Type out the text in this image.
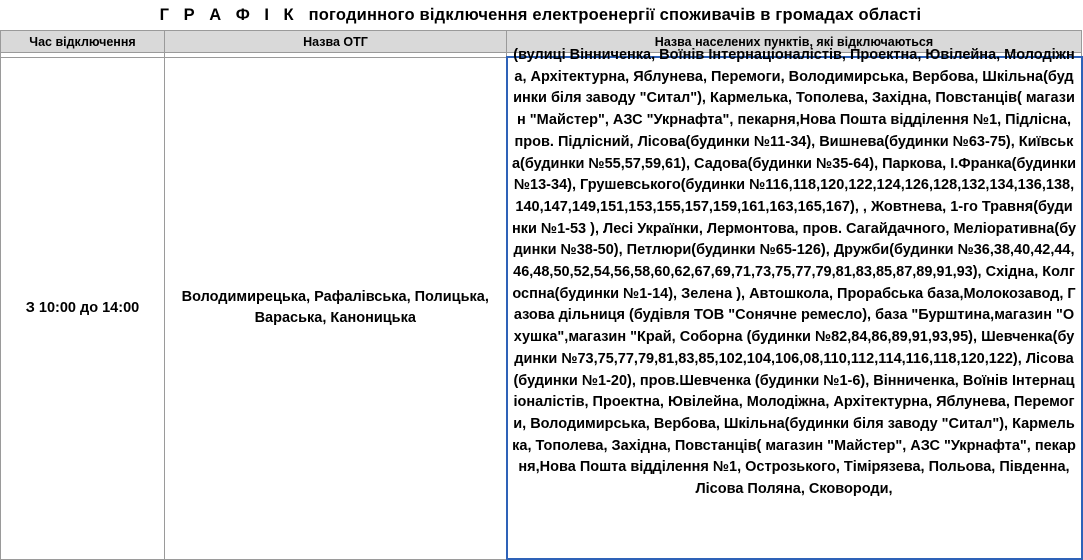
Г Р А Ф І К погодинного відключення електроенергії споживачів в громадах області
Час відключення	Назва ОТГ	Назва населених пунктів, які відключаються

З 10:00 до 14:00	Володимирецька, Рафалівська, Полицька, Вараська, Каноницька	(вулиці Вінниченка, Воїнів Інтернаціоналістів, Проектна, Ювілейна, Молодіжна, Архітектурна, Яблунева, Перемоги, Володимирська, Вербова, Шкільна(будинки біля заводу "Ситал"), Кармелька, Тополева, Західна, Повстанців( магазин "Майстер", АЗС "Укрнафта", пекарня,Нова Пошта відділення №1, Підлісна, пров. Підлісний, Лісова(будинки №11-34), Вишнева(будинки №63-75), Київська(будинки №55,57,59,61), Садова(будинки №35-64), Паркова, І.Франка(будинки №13-34), Грушевського(будинки №116,118,120,122,124,126,128,132,134,136,138,140,147,149,151,153,155,157,159,161,163,165,167), , Жовтнева, 1-го Травня(будинки №1-53 ), Лесі Українки, Лермонтова, пров. Сагайдачного, Меліоративна(будинки №38-50), Петлюри(будинки №65-126), Дружби(будинки №36,38,40,42,44,46,48,50,52,54,56,58,60,62,67,69,71,73,75,77,79,81,83,85,87,89,91,93), Східна, Колгоспна(будинки №1-14), Зелена ), Автошкола, Прорабська база,Молокозавод, Газова дільниця (будівля ТОВ "Сонячне ремесло), база "Бурштина,магазин "Охушка",магазин "Край, Соборна (будинки №82,84,86,89,91,93,95), Шевченка(будинки №73,75,77,79,81,83,85,102,104,106,08,110,112,114,116,118,120,122), Лісова (будинки №1-20), пров.Шевченка (будинки №1-6), Вінниченка, Воїнів Інтернаціоналістів, Проектна, Ювілейна, Молодіжна, Архітектурна, Яблунева, Перемоги, Володимирська, Вербова, Шкільна(будинки біля заводу "Ситал"), Кармелька, Тополева, Західна, Повстанців( магазин "Майстер", АЗС "Укрнафта", пекарня,Нова Пошта відділення №1, Острозького, Тімірязева, Польова, Південна, Лісова Поляна, Сковороди,
